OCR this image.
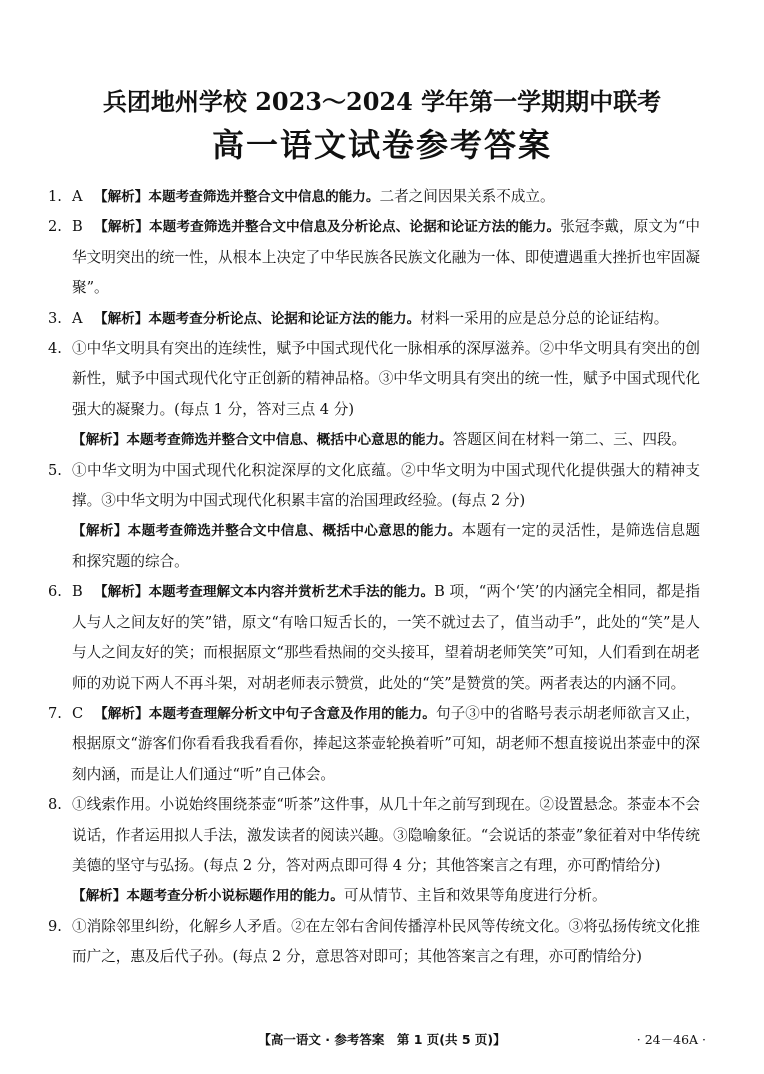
兵团地州学校 2023～2024 学年第一学期期中联考
高一语文试卷参考答案
1. A 【解析】本题考查筛选并整合文中信息的能力。二者之间因果关系不成立。
2. B 【解析】本题考查筛选并整合文中信息及分析论点、论据和论证方法的能力。张冠李戴，原文为“中华文明突出的统一性，从根本上决定了中华民族各民族文化融为一体、即使遭遇重大挫折也牢固凝聚”。
3. A 【解析】本题考查分析论点、论据和论证方法的能力。材料一采用的应是总分总的论证结构。
4. ①中华文明具有突出的连续性，赋予中国式现代化一脉相承的深厚滋养。②中华文明具有突出的创新性，赋予中国式现代化守正创新的精神品格。③中华文明具有突出的统一性，赋予中国式现代化强大的凝聚力。(每点 1 分，答对三点 4 分)
【解析】本题考查筛选并整合文中信息、概括中心意思的能力。答题区间在材料一第二、三、四段。
5. ①中华文明为中国式现代化积淀深厚的文化底蕴。②中华文明为中国式现代化提供强大的精神支撑。③中华文明为中国式现代化积累丰富的治国理政经验。(每点 2 分)
【解析】本题考查筛选并整合文中信息、概括中心意思的能力。本题有一定的灵活性，是筛选信息题和探究题的综合。
6. B 【解析】本题考查理解文本内容并赏析艺术手法的能力。B 项，“两个‘笑’的内涵完全相同，都是指人与人之间友好的笑”错，原文“有啥口短舌长的，一笑不就过去了，值当动手”，此处的“笑”是人与人之间友好的笑；而根据原文“那些看热闹的交头接耳，望着胡老师笑笑”可知，人们看到在胡老师的劝说下两人不再斗架，对胡老师表示赞赏，此处的“笑”是赞赏的笑。两者表达的内涵不同。
7. C 【解析】本题考查理解分析文中句子含意及作用的能力。句子③中的省略号表示胡老师欲言又止，根据原文“游客们你看看我我看看你，捧起这茶壶轮换着听”可知，胡老师不想直接说出茶壶中的深刻内涵，而是让人们通过“听”自己体会。
8. ①线索作用。小说始终围绕茶壶“听茶”这件事，从几十年之前写到现在。②设置悬念。茶壶本不会说话，作者运用拟人手法，激发读者的阅读兴趣。③隐喻象征。“会说话的茶壶”象征着对中华传统美德的坚守与弘扬。(每点 2 分，答对两点即可得 4 分；其他答案言之有理，亦可酌情给分)
【解析】本题考查分析小说标题作用的能力。可从情节、主旨和效果等角度进行分析。
9. ①消除邻里纠纷，化解乡人矛盾。②在左邻右舍间传播淳朴民风等传统文化。③将弘扬传统文化推而广之，惠及后代子孙。(每点 2 分，意思答对即可；其他答案言之有理，亦可酌情给分)
【高一语文 · 参考答案　第 1 页(共 5 页)】	· 24－46A ·
